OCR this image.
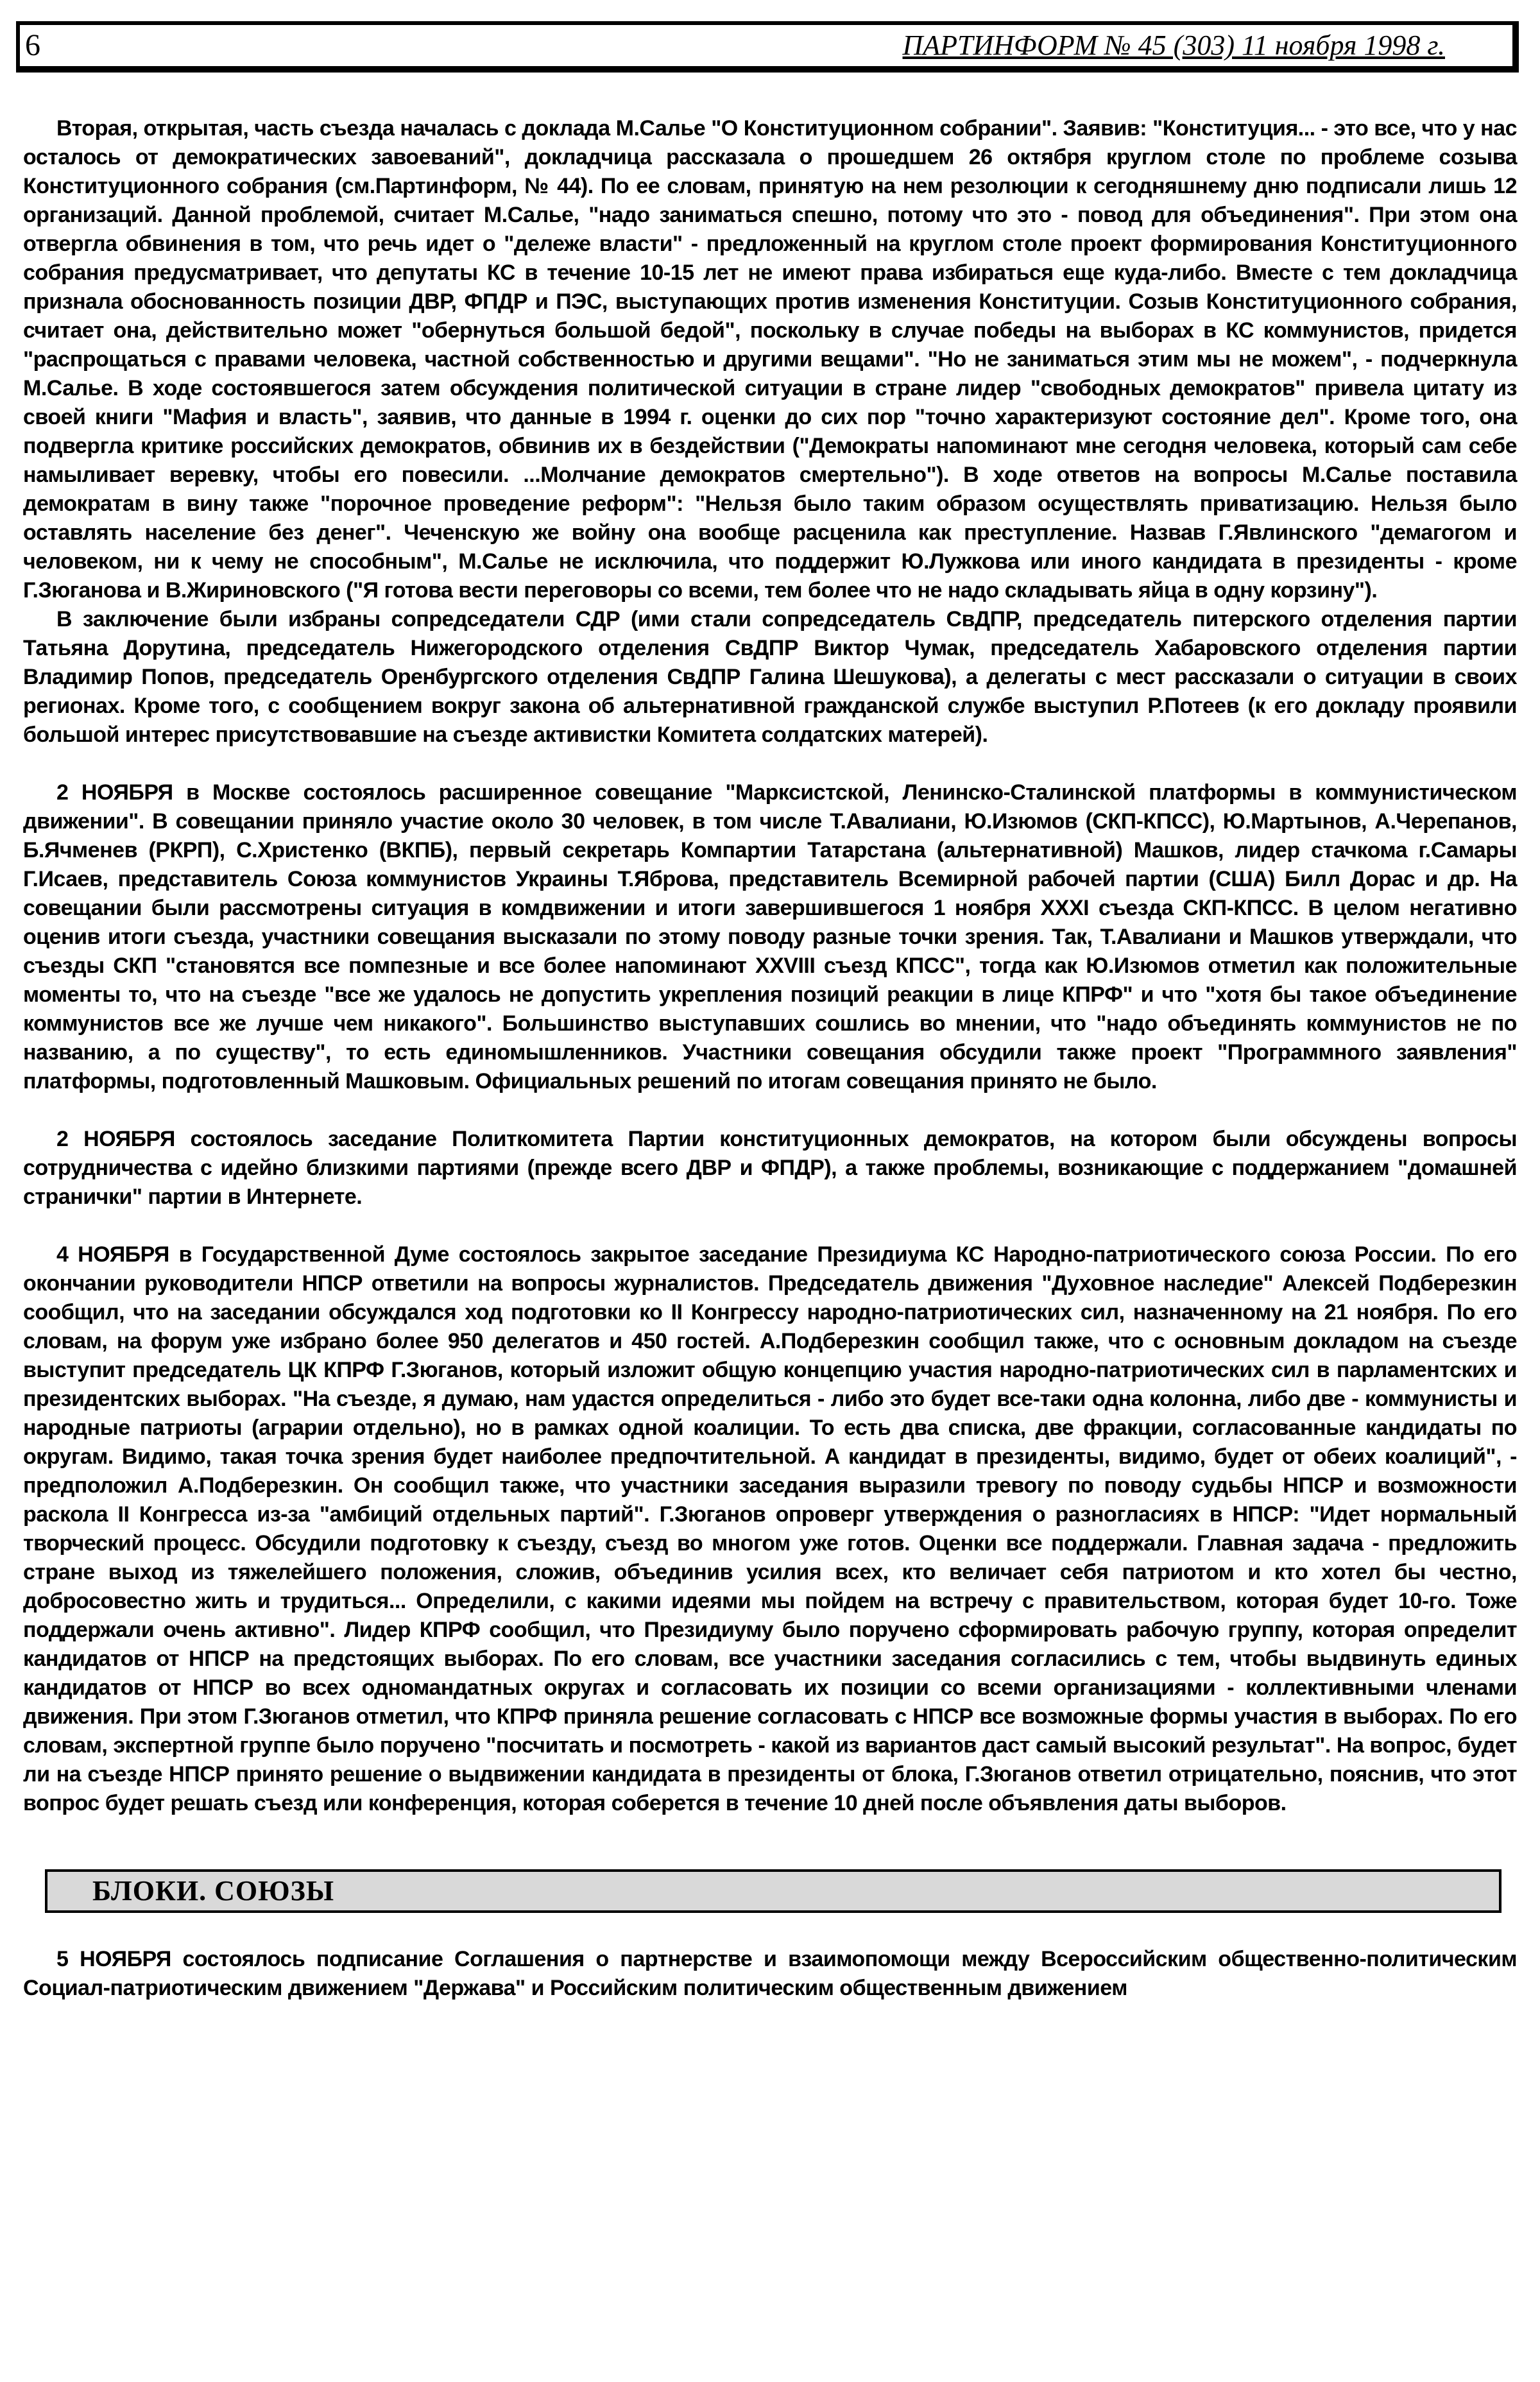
6	ПАРТИНФОРМ № 45 (303) 11 ноября 1998 г.

Вторая, открытая, часть съезда началась с доклада М.Салье "О Конституционном собрании". Заявив: "Конституция... - это все, что у нас осталось от демократических завоеваний", докладчица рассказала о прошедшем 26 октября круглом столе по проблеме созыва Конституционного собрания (см.Партинформ, № 44). По ее словам, принятую на нем резолюции к сегодняшнему дню подписали лишь 12 организаций. Данной проблемой, считает М.Салье, "надо заниматься спешно, потому что это - повод для объединения". При этом она отвергла обвинения в том, что речь идет о "дележе власти" - предложенный на круглом столе проект формирования Конституционного собрания предусматривает, что депутаты КС в течение 10-15 лет не имеют права избираться еще куда-либо. Вместе с тем докладчица признала обоснованность позиции ДВР, ФПДР и ПЭС, выступающих против изменения Конституции. Созыв Конституционного собрания, считает она, действительно может "обернуться большой бедой", поскольку в случае победы на выборах в КС коммунистов, придется "распрощаться с правами человека, частной собственностью и другими вещами". "Но не заниматься этим мы не можем", - подчеркнула М.Салье. В ходе состоявшегося затем обсуждения политической ситуации в стране лидер "свободных демократов" привела цитату из своей книги "Мафия и власть", заявив, что данные в 1994 г. оценки до сих пор "точно характеризуют состояние дел". Кроме того, она подвергла критике российских демократов, обвинив их в бездействии ("Демократы напоминают мне сегодня человека, который сам себе намыливает веревку, чтобы его повесили. ...Молчание демократов смертельно"). В ходе ответов на вопросы М.Салье поставила демократам в вину также "порочное проведение реформ": "Нельзя было таким образом осуществлять приватизацию. Нельзя было оставлять население без денег". Чеченскую же войну она вообще расценила как преступление. Назвав Г.Явлинского "демагогом и человеком, ни к чему не способным", М.Салье не исключила, что поддержит Ю.Лужкова или иного кандидата в президенты - кроме Г.Зюганова и В.Жириновского ("Я готова вести переговоры со всеми, тем более что не надо складывать яйца в одну корзину").

В заключение были избраны сопредседатели СДР (ими стали сопредседатель СвДПР, председатель питерского отделения партии Татьяна Дорутина, председатель Нижегородского отделения СвДПР Виктор Чумак, председатель Хабаровского отделения партии Владимир Попов, председатель Оренбургского отделения СвДПР Галина Шешукова), а делегаты с мест рассказали о ситуации в своих регионах. Кроме того, с сообщением вокруг закона об альтернативной гражданской службе выступил Р.Потеев (к его докладу проявили большой интерес присутствовавшие на съезде активистки Комитета солдатских матерей).

2 НОЯБРЯ в Москве состоялось расширенное совещание "Марксистской, Ленинско-Сталинской платформы в коммунистическом движении". В совещании приняло участие около 30 человек, в том числе Т.Авалиани, Ю.Изюмов (СКП-КПСС), Ю.Мартынов, А.Черепанов, Б.Ячменев (РКРП), С.Христенко (ВКПБ), первый секретарь Компартии Татарстана (альтернативной) Машков, лидер стачкома г.Самары Г.Исаев, представитель Союза коммунистов Украины Т.Яброва, представитель Всемирной рабочей партии (США) Билл Дорас и др. На совещании были рассмотрены ситуация в комдвижении и итоги завершившегося 1 ноября XXXI съезда СКП-КПСС. В целом негативно оценив итоги съезда, участники совещания высказали по этому поводу разные точки зрения. Так, Т.Авалиани и Машков утверждали, что съезды СКП "становятся все помпезные и все более напоминают XXVIII съезд КПСС", тогда как Ю.Изюмов отметил как положительные моменты то, что на съезде "все же удалось не допустить укрепления позиций реакции в лице КПРФ" и что "хотя бы такое объединение коммунистов все же лучше чем никакого". Большинство выступавших сошлись во мнении, что "надо объединять коммунистов не по названию, а по существу", то есть единомышленников. Участники совещания обсудили также проект "Программного заявления" платформы, подготовленный Машковым. Официальных решений по итогам совещания принято не было.

2 НОЯБРЯ состоялось заседание Политкомитета Партии конституционных демократов, на котором были обсуждены вопросы сотрудничества с идейно близкими партиями (прежде всего ДВР и ФПДР), а также проблемы, возникающие с поддержанием "домашней странички" партии в Интернете.

4 НОЯБРЯ в Государственной Думе состоялось закрытое заседание Президиума КС Народно-патриотического союза России. По его окончании руководители НПСР ответили на вопросы журналистов. Председатель движения "Духовное наследие" Алексей Подберезкин сообщил, что на заседании обсуждался ход подготовки ко II Конгрессу народно-патриотических сил, назначенному на 21 ноября. По его словам, на форум уже избрано более 950 делегатов и 450 гостей. А.Подберезкин сообщил также, что с основным докладом на съезде выступит председатель ЦК КПРФ Г.Зюганов, который изложит общую концепцию участия народно-патриотических сил в парламентских и президентских выборах. "На съезде, я думаю, нам удастся определиться - либо это будет все-таки одна колонна, либо две - коммунисты и народные патриоты (аграрии отдельно), но в рамках одной коалиции. То есть два списка, две фракции, согласованные кандидаты по округам. Видимо, такая точка зрения будет наиболее предпочтительной. А кандидат в президенты, видимо, будет от обеих коалиций", - предположил А.Подберезкин. Он сообщил также, что участники заседания выразили тревогу по поводу судьбы НПСР и возможности раскола II Конгресса из-за "амбиций отдельных партий". Г.Зюганов опроверг утверждения о разногласиях в НПСР: "Идет нормальный творческий процесс. Обсудили подготовку к съезду, съезд во многом уже готов. Оценки все поддержали. Главная задача - предложить стране выход из тяжелейшего положения, сложив, объединив усилия всех, кто величает себя патриотом и кто хотел бы честно, добросовестно жить и трудиться... Определили, с какими идеями мы пойдем на встречу с правительством, которая будет 10-го. Тоже поддержали очень активно". Лидер КПРФ сообщил, что Президиуму было поручено сформировать рабочую группу, которая определит кандидатов от НПСР на предстоящих выборах. По его словам, все участники заседания согласились с тем, чтобы выдвинуть единых кандидатов от НПСР во всех одномандатных округах и согласовать их позиции со всеми организациями - коллективными членами движения. При этом Г.Зюганов отметил, что КПРФ приняла решение согласовать с НПСР все возможные формы участия в выборах. По его словам, экспертной группе было поручено "посчитать и посмотреть - какой из вариантов даст самый высокий результат". На вопрос, будет ли на съезде НПСР принято решение о выдвижении кандидата в президенты от блока, Г.Зюганов ответил отрицательно, пояснив, что этот вопрос будет решать съезд или конференция, которая соберется в течение 10 дней после объявления даты выборов.

БЛОКИ. СОЮЗЫ

5 НОЯБРЯ состоялось подписание Соглашения о партнерстве и взаимопомощи между Всероссийским общественно-политическим Социал-патриотическим движением "Держава" и Российским политическим общественным движением
